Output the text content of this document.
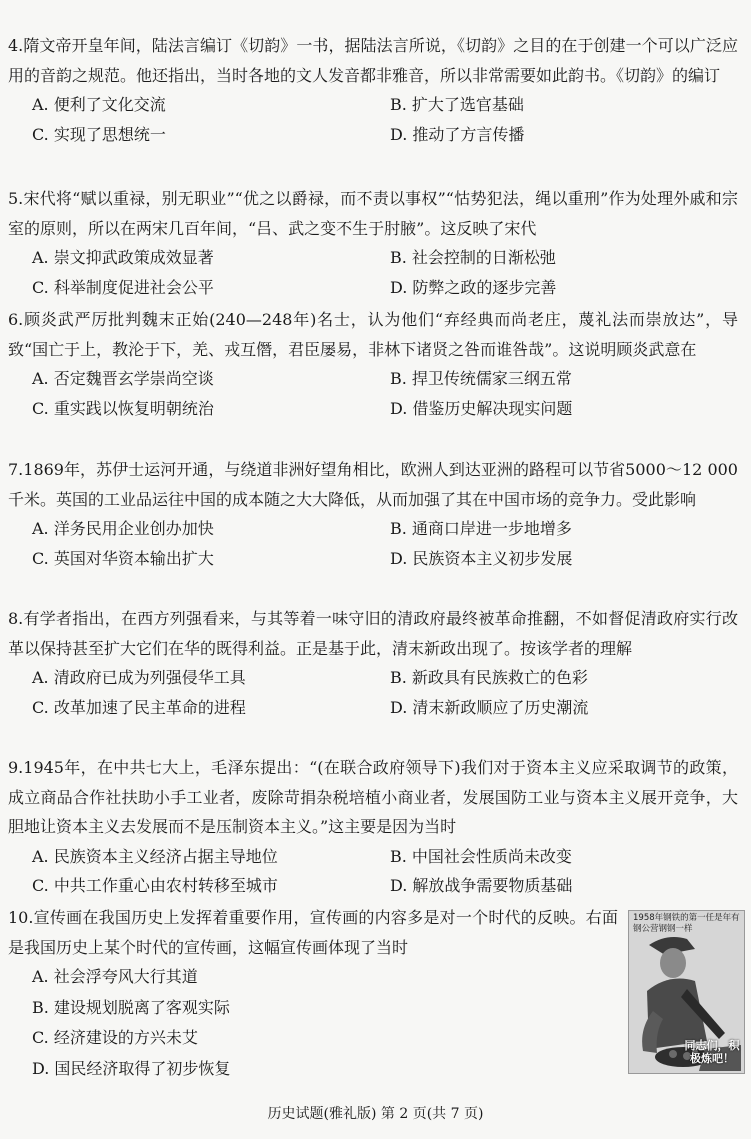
4.隋文帝开皇年间，陆法言编订《切韵》一书，据陆法言所说，《切韵》之目的在于创建一个可以广泛应用的音韵之规范。他还指出，当时各地的文人发音都非雅音，所以非常需要如此韵书。《切韵》的编订
A. 便利了文化交流	B. 扩大了选官基础
C. 实现了思想统一	D. 推动了方言传播
5.宋代将“赋以重禄，别无职业”“优之以爵禄，而不责以事权”“怙势犯法，绳以重刑”作为处理外戚和宗室的原则，所以在两宋几百年间，“吕、武之变不生于肘腋”。这反映了宋代
A. 崇文抑武政策成效显著	B. 社会控制的日渐松弛
C. 科举制度促进社会公平	D. 防弊之政的逐步完善
6.顾炎武严厉批判魏末正始(240—248年)名士，认为他们“弃经典而尚老庄，蔑礼法而崇放达”，导致“国亡于上，教沦于下，羌、戎互僭，君臣屡易，非林下诸贤之咎而谁咎哉”。这说明顾炎武意在
A. 否定魏晋玄学崇尚空谈	B. 捍卫传统儒家三纲五常
C. 重实践以恢复明朝统治	D. 借鉴历史解决现实问题
7.1869年，苏伊士运河开通，与绕道非洲好望角相比，欧洲人到达亚洲的路程可以节省5000～12 000千米。英国的工业品运往中国的成本随之大大降低，从而加强了其在中国市场的竞争力。受此影响
A. 洋务民用企业创办加快	B. 通商口岸进一步地增多
C. 英国对华资本输出扩大	D. 民族资本主义初步发展
8.有学者指出，在西方列强看来，与其等着一味守旧的清政府最终被革命推翻，不如督促清政府实行改革以保持甚至扩大它们在华的既得利益。正是基于此，清末新政出现了。按该学者的理解
A. 清政府已成为列强侵华工具	B. 新政具有民族救亡的色彩
C. 改革加速了民主革命的进程	D. 清末新政顺应了历史潮流
9.1945年，在中共七大上，毛泽东提出：“(在联合政府领导下)我们对于资本主义应采取调节的政策，成立商品合作社扶助小手工业者，废除苛捐杂税培植小商业者，发展国防工业与资本主义展开竞争，大胆地让资本主义去发展而不是压制资本主义。”这主要是因为当时
A. 民族资本主义经济占据主导地位	B. 中国社会性质尚未改变
C. 中共工作重心由农村转移至城市	D. 解放战争需要物质基础
10.宣传画在我国历史上发挥着重要作用，宣传画的内容多是对一个时代的反映。右面是我国历史上某个时代的宣传画，这幅宣传画体现了当时
A. 社会浮夸风大行其道
B. 建设规划脱离了客观实际
C. 经济建设的方兴未艾
D. 国民经济取得了初步恢复
1958年钢铁的第一任是年有钢公营钢钢一样
同志们，积极炼吧！
历史试题(雅礼版) 第 2 页(共 7 页)
